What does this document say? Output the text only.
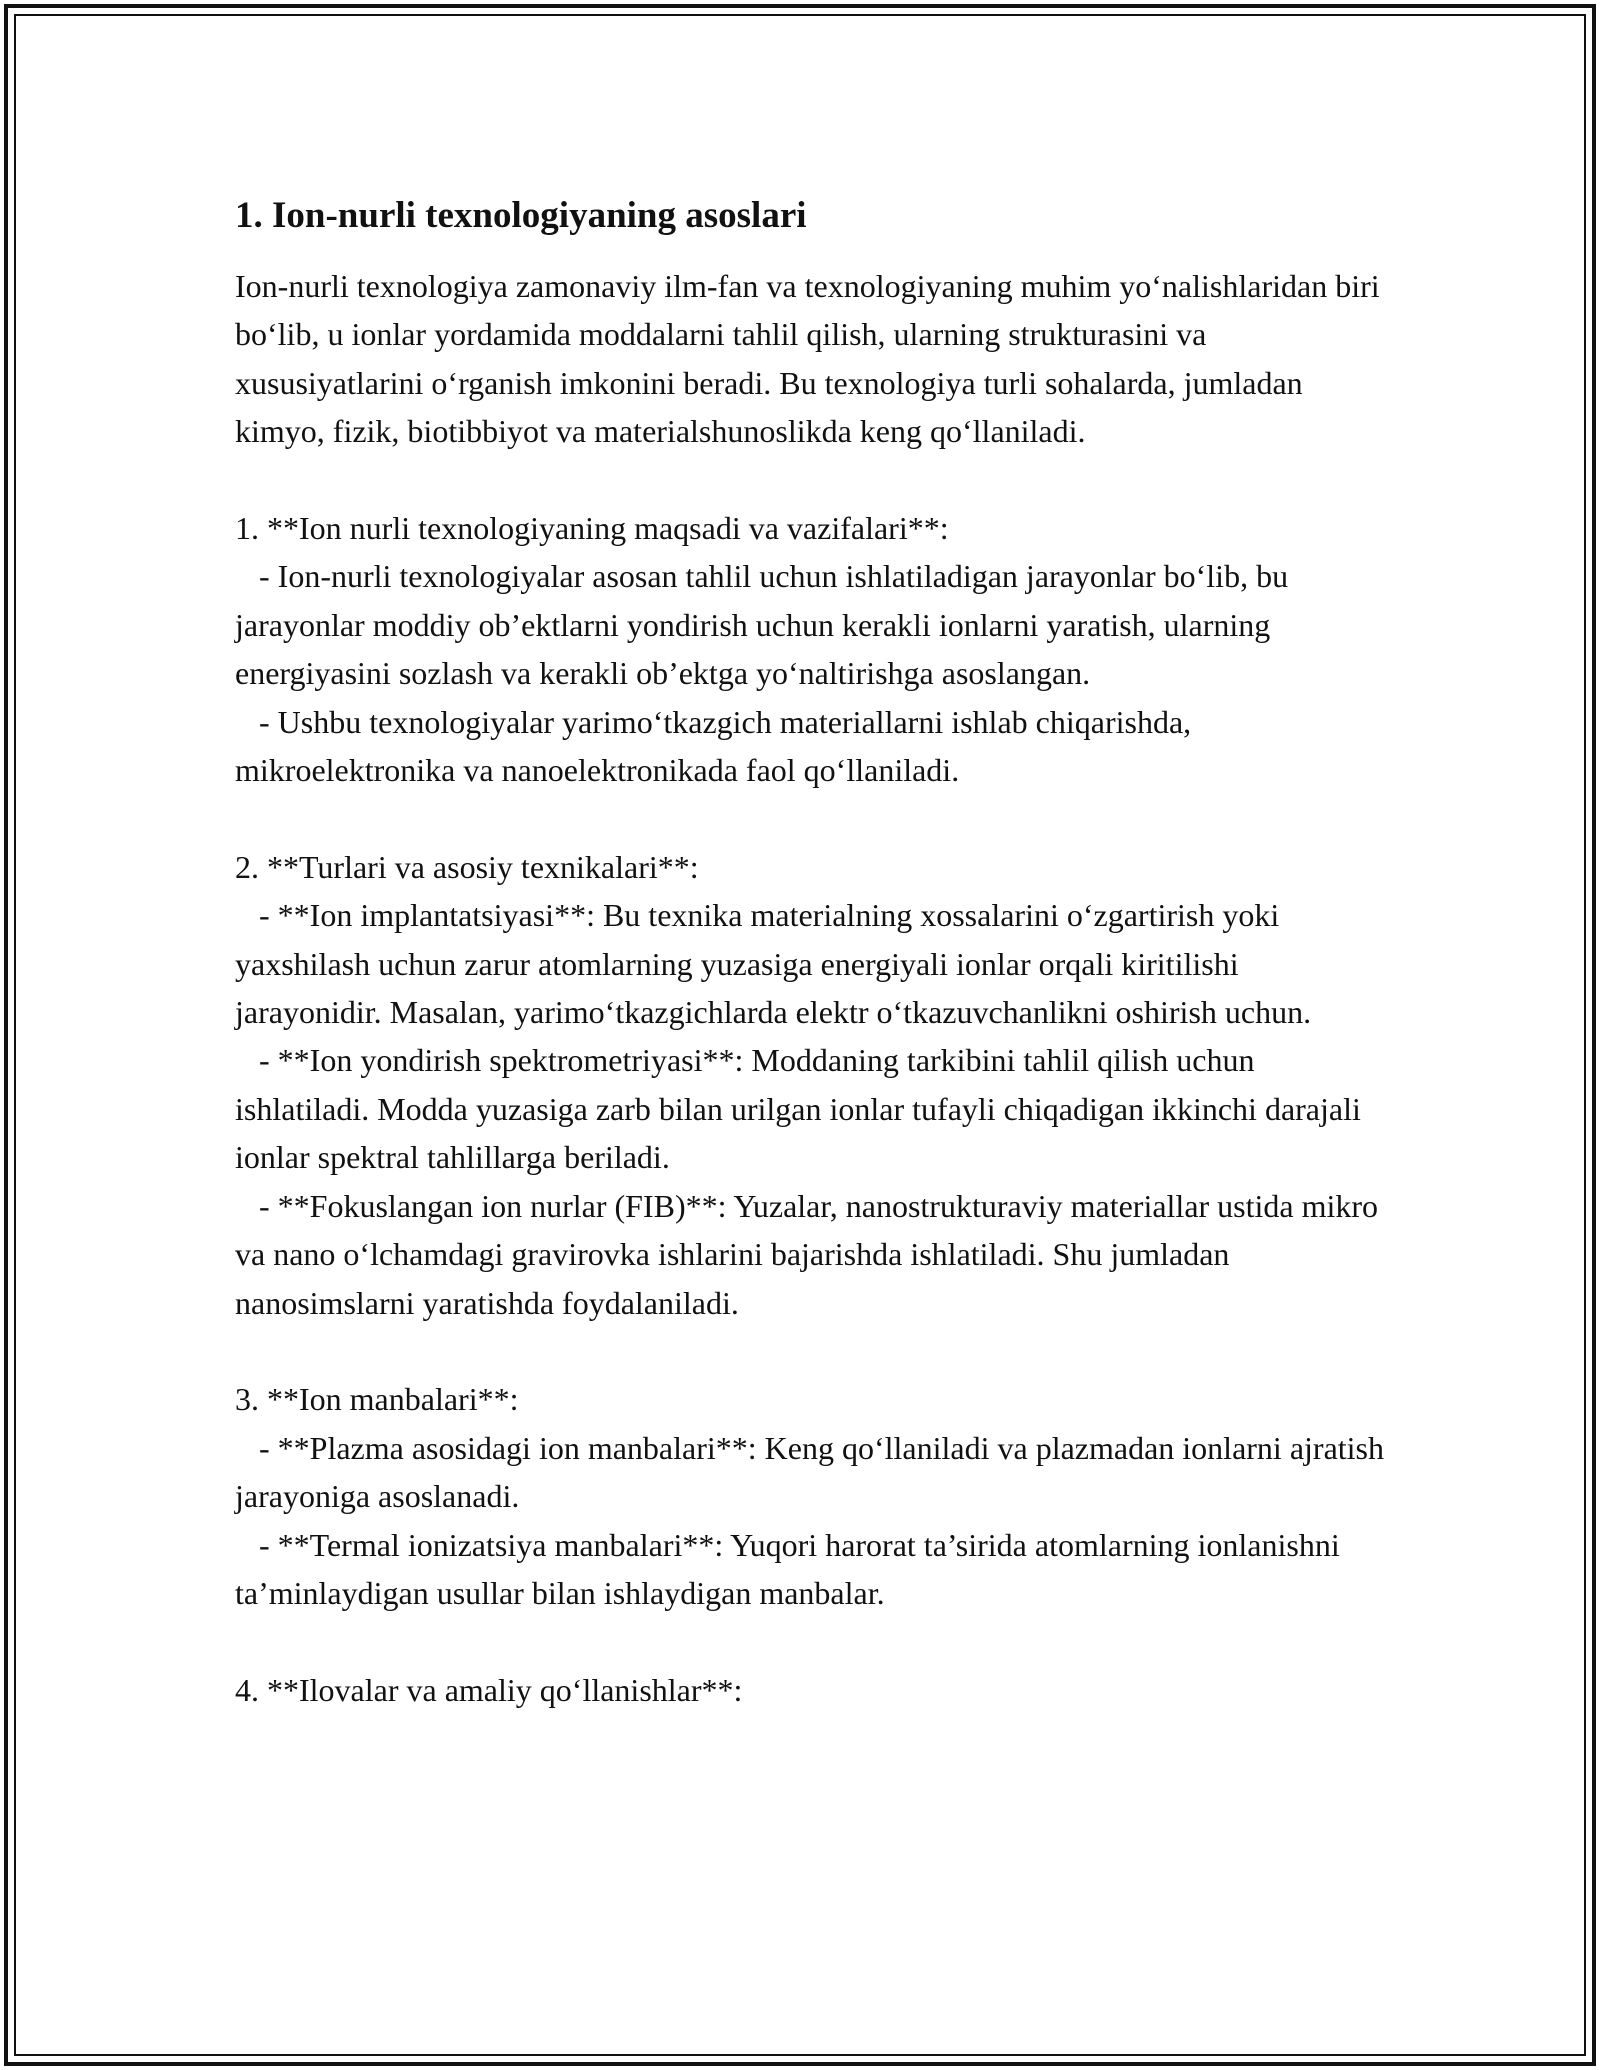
1. Ion-nurli texnologiyaning asoslari

Ion-nurli texnologiya zamonaviy ilm-fan va texnologiyaning muhim yo‘nalishlaridan biri bo‘lib, u ionlar yordamida moddalarni tahlil qilish, ularning strukturasini va xususiyatlarini o‘rganish imkonini beradi. Bu texnologiya turli sohalarda, jumladan kimyo, fizik, biotibbiyot va materialshunoslikda keng qo‘llaniladi.

1. **Ion nurli texnologiyaning maqsadi va vazifalari**:

- Ion-nurli texnologiyalar asosan tahlil uchun ishlatiladigan jarayonlar bo‘lib, bu jarayonlar moddiy ob’ektlarni yondirish uchun kerakli ionlarni yaratish, ularning energiyasini sozlash va kerakli ob’ektga yo‘naltirishga asoslangan.

- Ushbu texnologiyalar yarimo‘tkazgich materiallarni ishlab chiqarishda, mikroelektronika va nanoelektronikada faol qo‘llaniladi.

2. **Turlari va asosiy texnikalari**:

- **Ion implantatsiyasi**: Bu texnika materialning xossalarini o‘zgartirish yoki yaxshilash uchun zarur atomlarning yuzasiga energiyali ionlar orqali kiritilishi jarayonidir. Masalan, yarimo‘tkazgichlarda elektr o‘tkazuvchanlikni oshirish uchun.

- **Ion yondirish spektrometriyasi**: Moddaning tarkibini tahlil qilish uchun ishlatiladi. Modda yuzasiga zarb bilan urilgan ionlar tufayli chiqadigan ikkinchi darajali ionlar spektral tahlillarga beriladi.

- **Fokuslangan ion nurlar (FIB)**: Yuzalar, nanostrukturaviy materiallar ustida mikro va nano o‘lchamdagi gravirovka ishlarini bajarishda ishlatiladi. Shu jumladan nanosimslarni yaratishda foydalaniladi.

3. **Ion manbalari**:

- **Plazma asosidagi ion manbalari**: Keng qo‘llaniladi va plazmadan ionlarni ajratish jarayoniga asoslanadi.

- **Termal ionizatsiya manbalari**: Yuqori harorat ta’sirida atomlarning ionlanishni ta’minlaydigan usullar bilan ishlaydigan manbalar.

4. **Ilovalar va amaliy qo‘llanishlar**:
